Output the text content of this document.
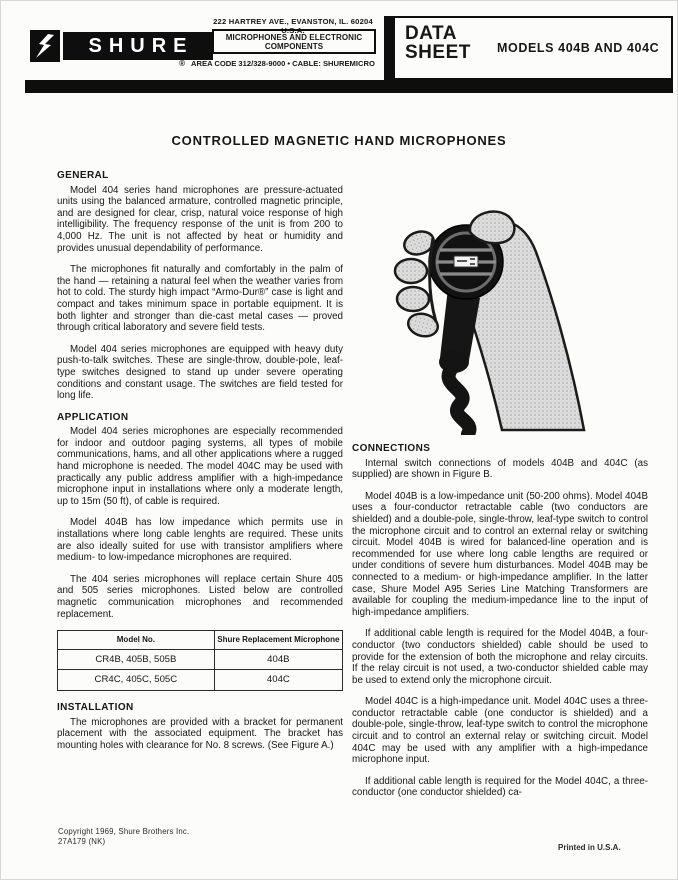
SHURE
222 HARTREY AVE., EVANSTON, IL. 60204 U.S.A.
MICROPHONES AND ELECTRONIC COMPONENTS
® AREA CODE 312/328-9000 • CABLE: SHUREMICRO
DATA
SHEET MODELS 404B AND 404C
CONTROLLED MAGNETIC HAND MICROPHONES
GENERAL

Model 404 series hand microphones are pressure-actuated units using the balanced armature, controlled magnetic principle, and are designed for clear, crisp, natural voice response of high intelligibility. The frequency response of the unit is from 200 to 4,000 Hz. The unit is not affected by heat or humidity and provides unusual dependability of performance.

The microphones fit naturally and comfortably in the palm of the hand — retaining a natural feel when the weather varies from hot to cold. The sturdy high impact “Armo-Dur®” case is light and compact and takes minimum space in portable equipment. It is both lighter and stronger than die-cast metal cases — proved through critical laboratory and severe field tests.

Model 404 series microphones are equipped with heavy duty push-to-talk switches. These are single-throw, double-pole, leaf-type switches designed to stand up under severe operating conditions and constant usage. The switches are field tested for long life.

APPLICATION

Model 404 series microphones are especially recommended for indoor and outdoor paging systems, all types of mobile communications, hams, and all other applications where a rugged hand microphone is needed. The model 404C may be used with practically any public address amplifier with a high-impedance microphone input in installations where only a moderate length, up to 15m (50 ft), of cable is required.

Model 404B has low impedance which permits use in installations where long cable lenghts are required. These units are also ideally suited for use with transistor amplifiers where medium- to low-impedance microphones are required.

The 404 series microphones will replace certain Shure 405 and 505 series microphones. Listed below are controlled magnetic communication microphones and recommended replacement.

Model No.	Shure Replacement Microphone
CR4B, 405B, 505B	404B
CR4C, 405C, 505C	404C
INSTALLATION

The microphones are provided with a bracket for permanent placement with the associated equipment. The bracket has mounting holes with clearance for No. 8 screws. (See Figure A.)

CONNECTIONS

Internal switch connections of models 404B and 404C (as supplied) are shown in Figure B.

Model 404B is a low-impedance unit (50-200 ohms). Model 404B uses a four-conductor retractable cable (two conductors are shielded) and a double-pole, single-throw, leaf-type switch to control the microphone circuit and to control an external relay or switching circuit. Model 404B is wired for balanced-line operation and is recommended for use where long cable lengths are required or under conditions of severe hum disturbances. Model 404B may be connected to a medium- or high-impedance amplifier. In the latter case, Shure Model A95 Series Line Matching Transformers are available for coupling the medium-impedance line to the input of high-impedance amplifiers.

If additional cable length is required for the Model 404B, a four-conductor (two conductors shielded) cable should be used to provide for the extension of both the microphone and relay circuits. If the relay circuit is not used, a two-conductor shielded cable may be used to extend only the microphone circuit.

Model 404C is a high-impedance unit. Model 404C uses a three-conductor retractable cable (one conductor is shielded) and a double-pole, single-throw, leaf-type switch to control the microphone circuit and to control an external relay or switching circuit. Model 404C may be used with any amplifier with a high-impedance microphone input.

If additional cable length is required for the Model 404C, a three-conductor (one conductor shielded) ca-

Copyright 1969, Shure Brothers Inc.
27A179 (NK)
Printed in U.S.A.
